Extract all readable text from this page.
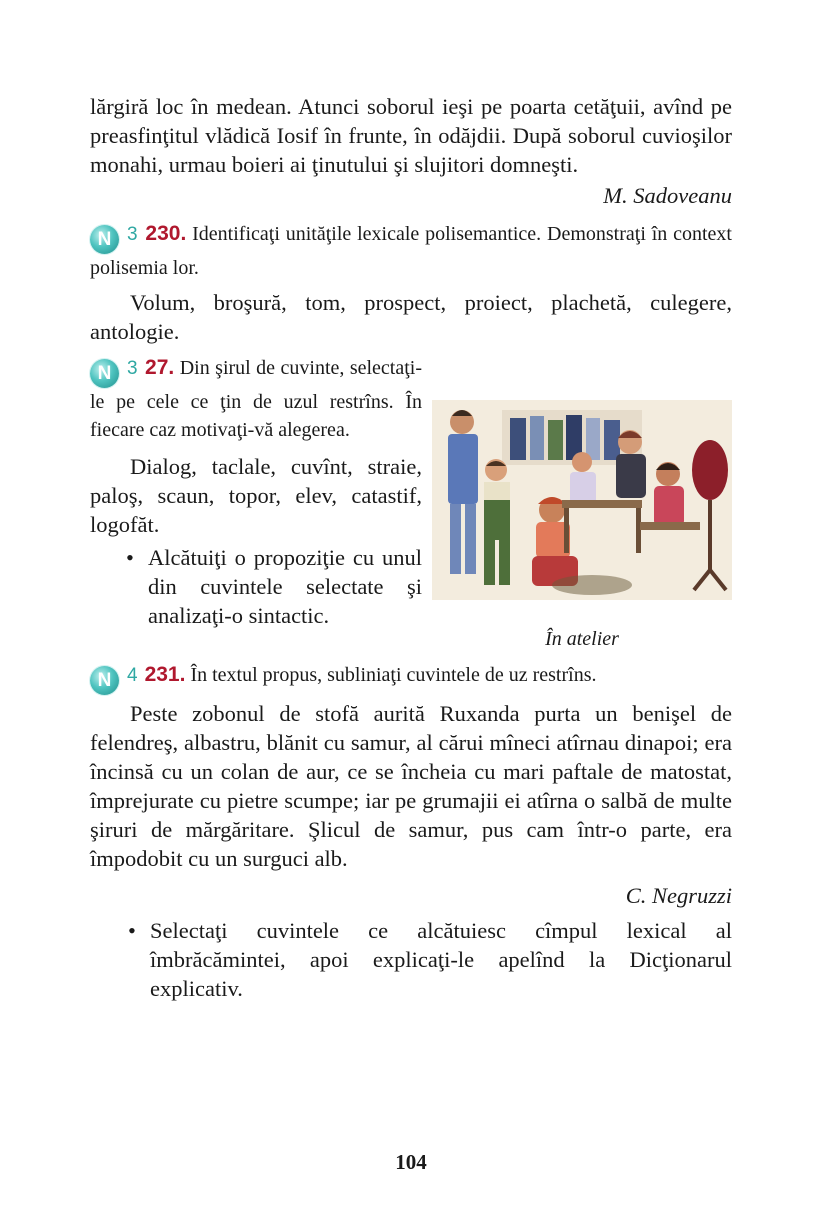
lărgiră loc în medean. Atunci soborul ieşi pe poarta cetăţuii, avînd pe preasfinţitul vlădică Iosif în frunte, în odăjdii. După soborul cuvioşilor monahi, urmau boieri ai ţinutului şi slujitori domneşti.

M. Sadoveanu

N 3 230. Identificaţi unităţile lexicale polisemantice. Demonstraţi în context polisemia lor.

Volum, broşură, tom, prospect, proiect, plachetă, culegere, antologie.

N 3 27. Din şirul de cuvinte, selectaţi-le pe cele ce ţin de uzul restrîns. În fiecare caz motivaţi-vă alegerea.

Dialog, taclale, cuvînt, straie, paloş, scaun, topor, elev, catastif, logofăt.

• Alcătuiţi o propoziţie cu unul din cuvintele selectate şi analizaţi-o sintactic.

În atelier

N 4 231. În textul propus, subliniaţi cuvintele de uz restrîns.

Peste zobonul de stofă aurită Ruxanda purta un benişel de felendreş, albastru, blănit cu samur, al cărui mîneci atîrnau dinapoi; era încinsă cu un colan de aur, ce se încheia cu mari paftale de matostat, împrejurate cu pietre scumpe; iar pe grumajii ei atîrna o salbă de multe şiruri de mărgăritare. Şlicul de samur, pus cam într-o parte, era împodobit cu un surguci alb.

C. Negruzzi

• Selectaţi cuvintele ce alcătuiesc cîmpul lexical al îmbrăcămintei, apoi explicaţi-le apelînd la Dicţionarul explicativ.
104
